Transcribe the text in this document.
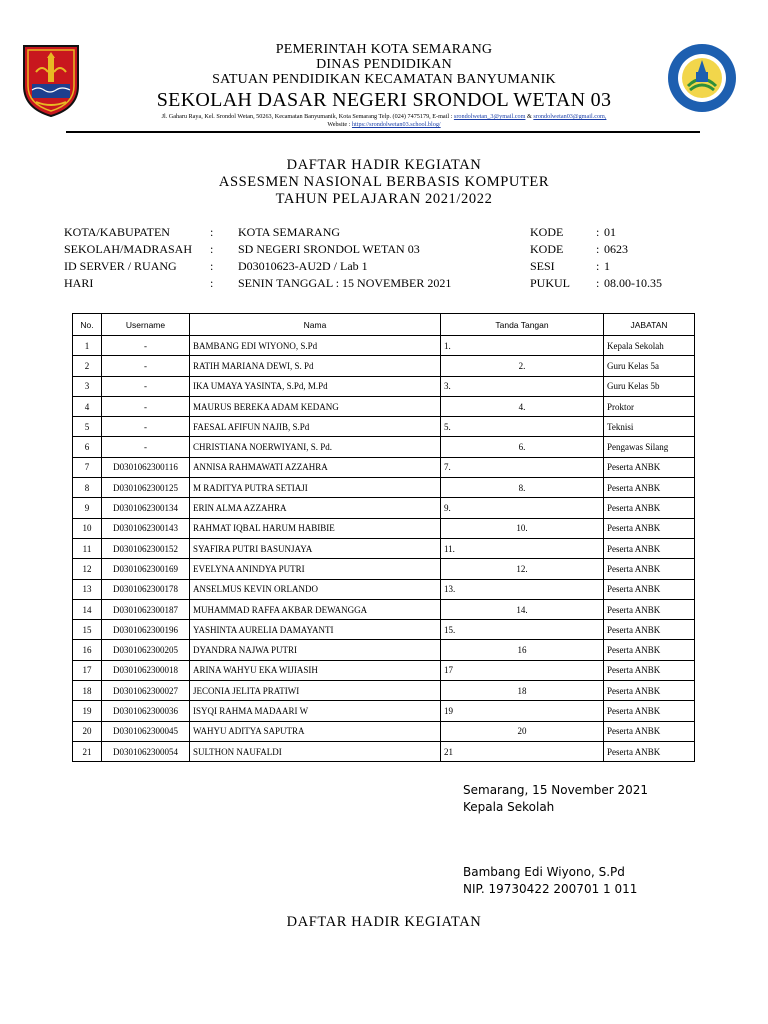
PEMERINTAH KOTA SEMARANG
DINAS PENDIDIKAN
SATUAN PENDIDIKAN KECAMATAN BANYUMANIK
SEKOLAH DASAR NEGERI SRONDOL WETAN 03
Jl. Gaharu Raya, Kel. Srondol Wetan, 50263, Kecamatan Banyumanik, Kota Semarang Telp. (024) 7475179, E-mail : srondolwetan_3@ymail.com & srondolwetan03@gmail.com,
Website : https://srondolwetan03.school.blog/
DAFTAR HADIR KEGIATAN
ASSESMEN NASIONAL BERBASIS KOMPUTER
TAHUN PELAJARAN 2021/2022
KOTA/KABUPATEN	: KOTA SEMARANG	KODE	: 01
SEKOLAH/MADRASAH : SD NEGERI SRONDOL WETAN 03	KODE	: 0623
ID SERVER / RUANG	: D03010623-AU2D / Lab 1	SESI	: 1
HARI	: SENIN TANGGAL : 15 NOVEMBER 2021	PUKUL : 08.00-10.35
No.	Username	Nama	Tanda Tangan	JABATAN
1	-	BAMBANG EDI WIYONO, S.Pd	1.	Kepala Sekolah
2	-	RATIH MARIANA DEWI, S. Pd	2.	Guru Kelas 5a
3	-	IKA UMAYA YASINTA, S.Pd, M.Pd	3.	Guru Kelas 5b
4	-	MAURUS BEREKA ADAM KEDANG	4.	Proktor
5	-	FAESAL AFIFUN NAJIB, S.Pd	5.	Teknisi
6	-	CHRISTIANA NOERWIYANI, S. Pd.	6.	Pengawas Silang
7	D0301062300116	ANNISA RAHMAWATI AZZAHRA	7.	Peserta ANBK
8	D0301062300125	M RADITYA PUTRA SETIAJI	8.	Peserta ANBK
9	D0301062300134	ERIN ALMA AZZAHRA	9.	Peserta ANBK
10	D0301062300143	RAHMAT IQBAL HARUM HABIBIE	10.	Peserta ANBK
11	D0301062300152	SYAFIRA PUTRI BASUNJAYA	11.	Peserta ANBK
12	D0301062300169	EVELYNA ANINDYA PUTRI	12.	Peserta ANBK
13	D0301062300178	ANSELMUS KEVIN ORLANDO	13.	Peserta ANBK
14	D0301062300187	MUHAMMAD RAFFA AKBAR DEWANGGA	14.	Peserta ANBK
15	D0301062300196	YASHINTA AURELIA DAMAYANTI	15.	Peserta ANBK
16	D0301062300205	DYANDRA NAJWA PUTRI	16	Peserta ANBK
17	D0301062300018	ARINA WAHYU EKA WIJIASIH	17	Peserta ANBK
18	D0301062300027	JECONIA JELITA PRATIWI	18	Peserta ANBK
19	D0301062300036	ISYQI RAHMA MADAARI W	19	Peserta ANBK
20	D0301062300045	WAHYU ADITYA SAPUTRA	20	Peserta ANBK
21	D0301062300054	SULTHON NAUFALDI	21	Peserta ANBK
Semarang, 15 November 2021
Kepala Sekolah
Bambang Edi Wiyono, S.Pd
NIP. 19730422 200701 1 011
DAFTAR HADIR KEGIATAN
